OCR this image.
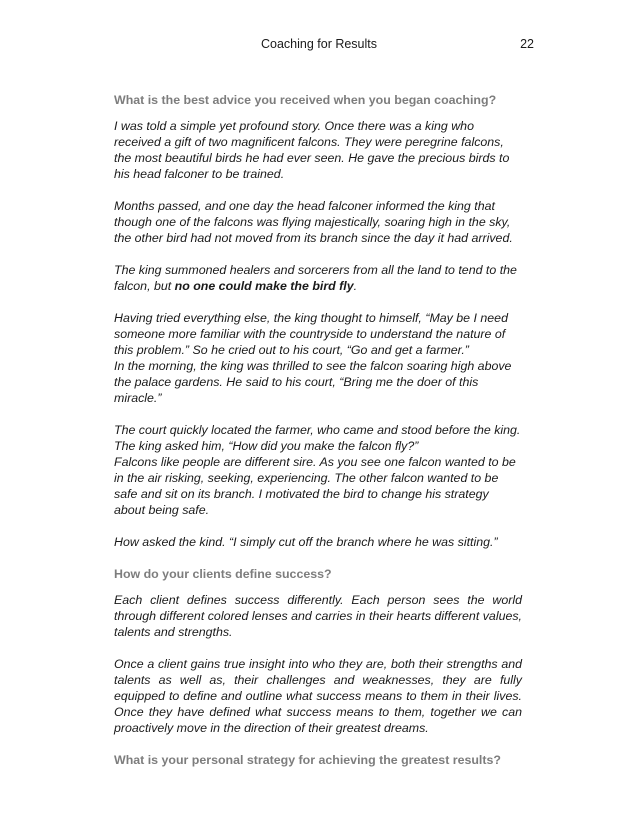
Coaching for Results	22

What is the best advice you received when you began coaching?

I was told a simple yet profound story. Once there was a king who received a gift of two magnificent falcons. They were peregrine falcons, the most beautiful birds he had ever seen. He gave the precious birds to his head falconer to be trained.

Months passed, and one day the head falconer informed the king that though one of the falcons was flying majestically, soaring high in the sky, the other bird had not moved from its branch since the day it had arrived.

The king summoned healers and sorcerers from all the land to tend to the falcon, but no one could make the bird fly.

Having tried everything else, the king thought to himself, “May be I need someone more familiar with the countryside to understand the nature of this problem.” So he cried out to his court, “Go and get a farmer.”
In the morning, the king was thrilled to see the falcon soaring high above the palace gardens. He said to his court, “Bring me the doer of this miracle.”

The court quickly located the farmer, who came and stood before the king. The king asked him, “How did you make the falcon fly?”
Falcons like people are different sire. As you see one falcon wanted to be in the air risking, seeking, experiencing. The other falcon wanted to be safe and sit on its branch. I motivated the bird to change his strategy about being safe.

How asked the kind. “I simply cut off the branch where he was sitting.”

How do your clients define success?

Each client defines success differently. Each person sees the world through different colored lenses and carries in their hearts different values, talents and strengths.

Once a client gains true insight into who they are, both their strengths and talents as well as, their challenges and weaknesses, they are fully equipped to define and outline what success means to them in their lives. Once they have defined what success means to them, together we can proactively move in the direction of their greatest dreams.

What is your personal strategy for achieving the greatest results?
